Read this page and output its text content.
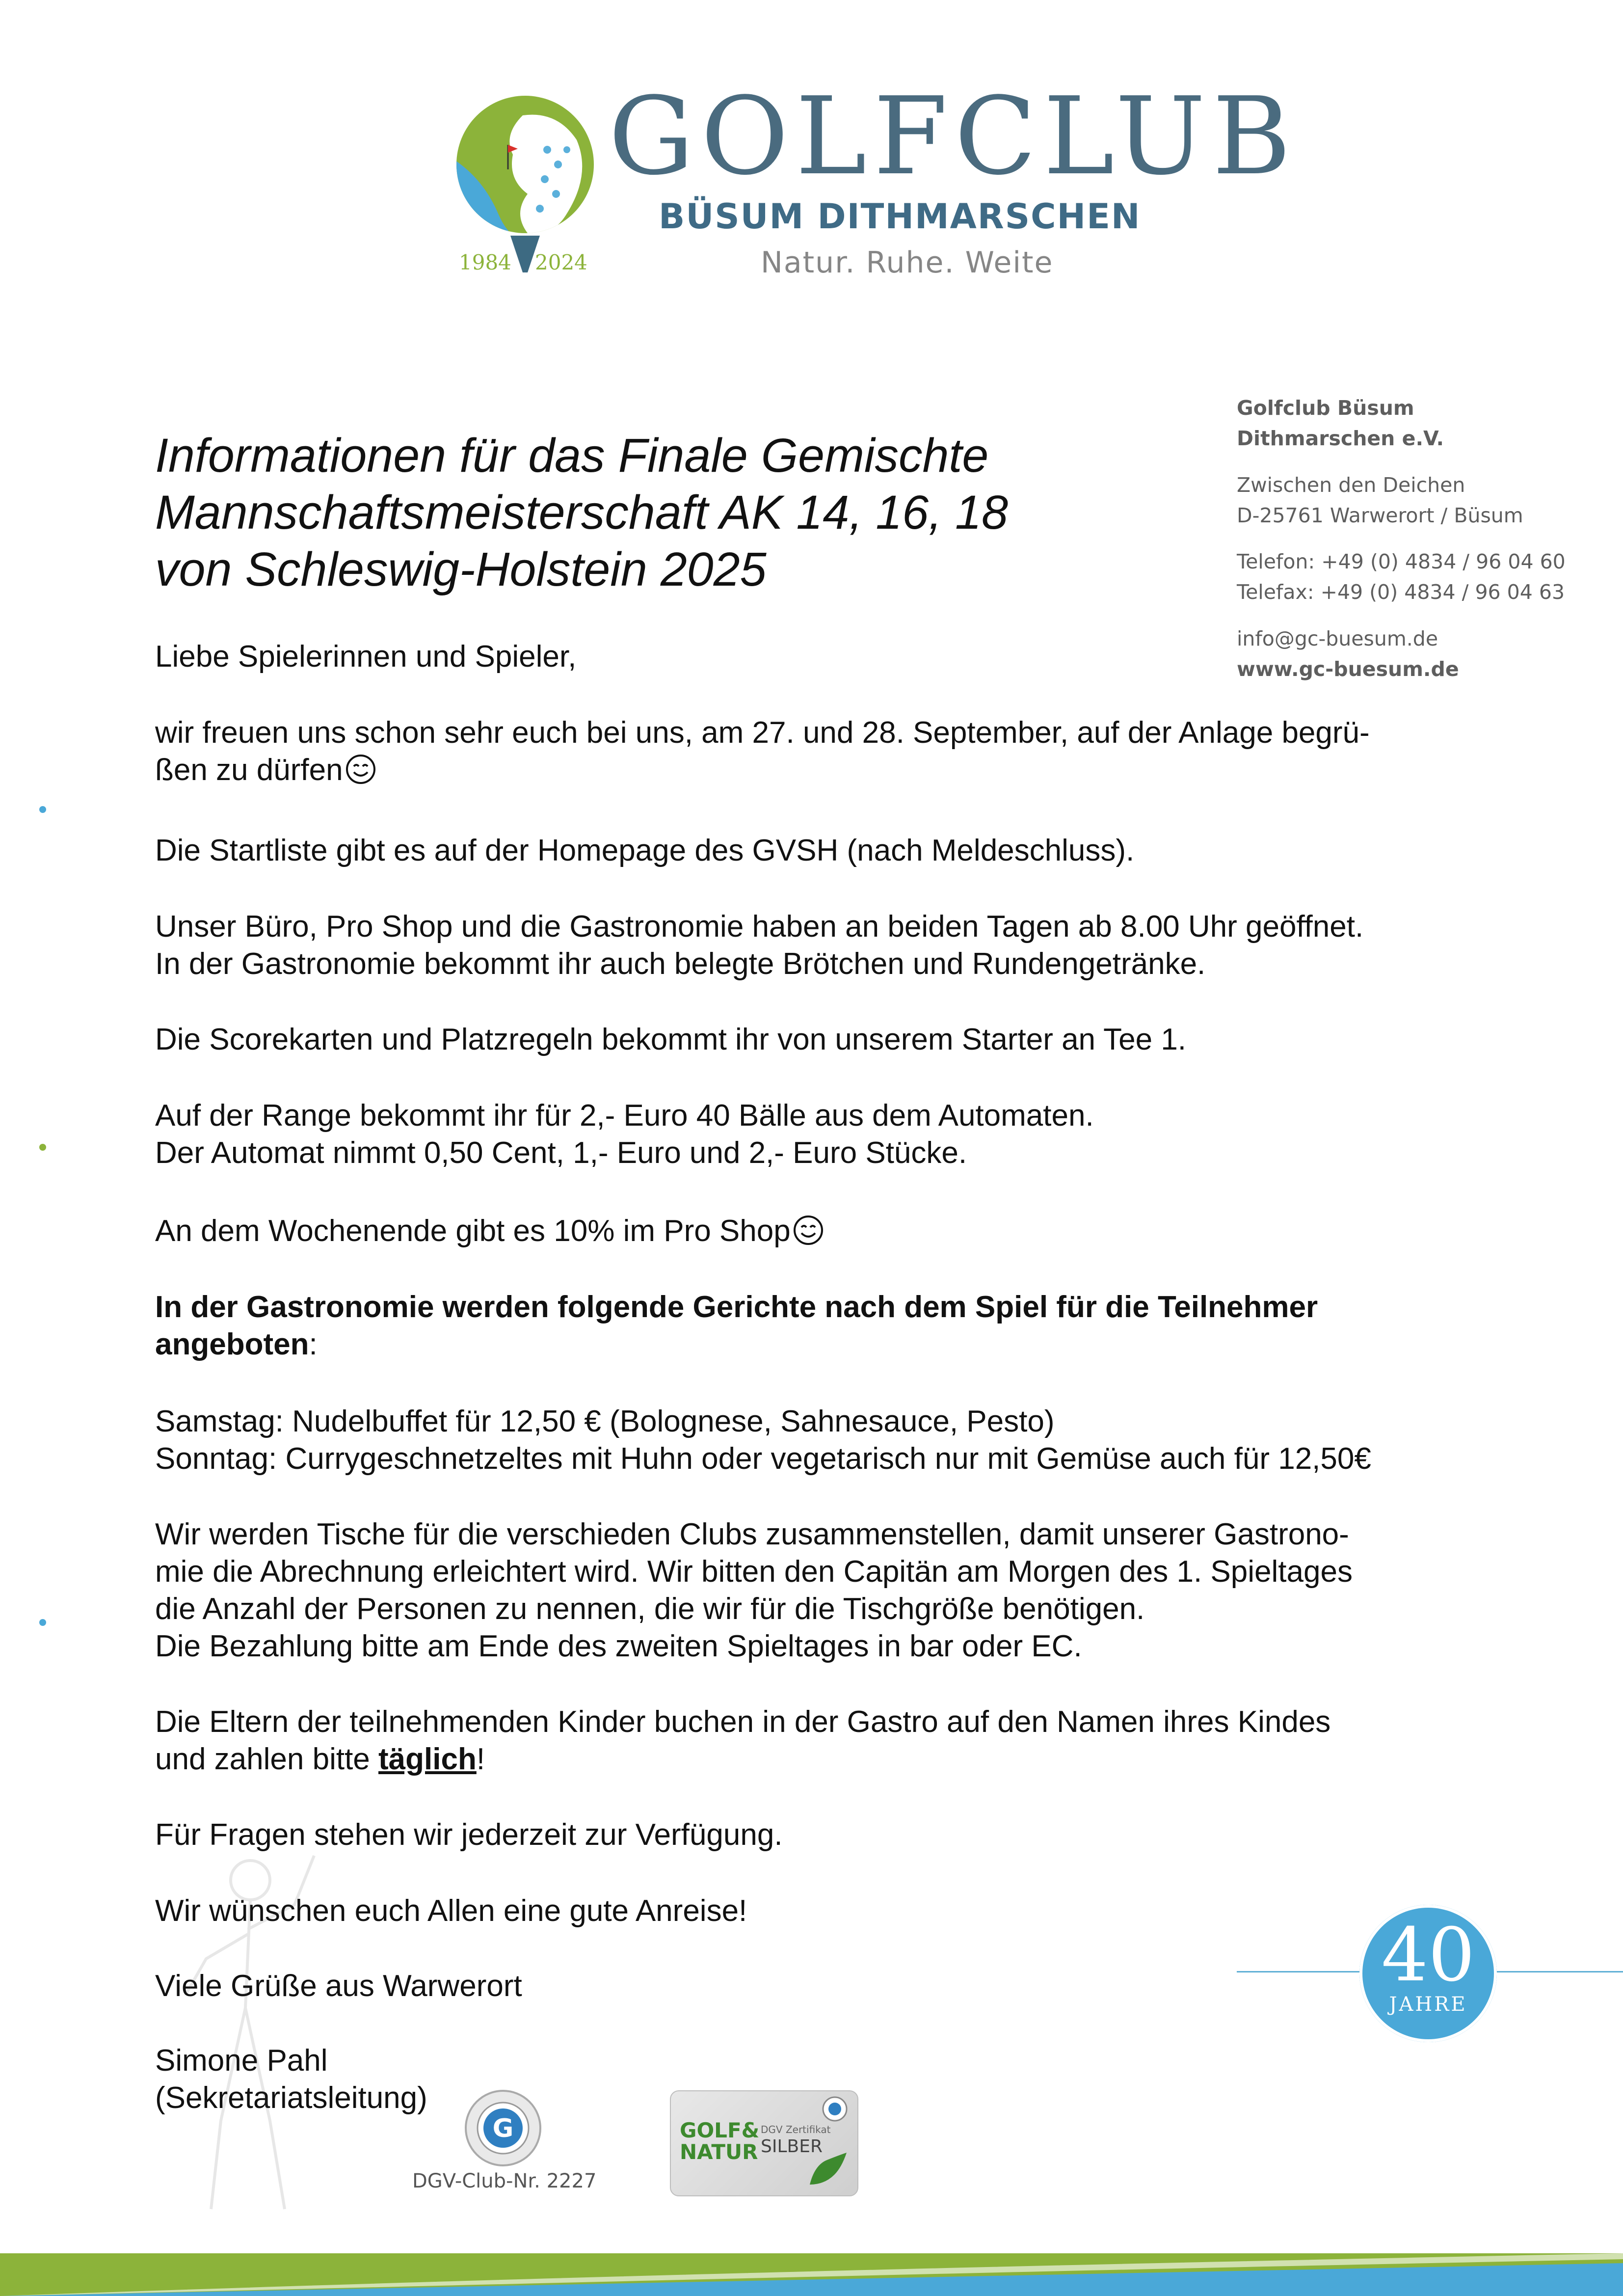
1984 2024
GOLFCLUB
BÜSUM DITHMARSCHEN
Natur. Ruhe. Weite
Golfclub Büsum
Dithmarschen e.V.
Zwischen den Deichen
D-25761 Warwerort / Büsum
Telefon: +49 (0) 4834 / 96 04 60
Telefax: +49 (0) 4834 / 96 04 63
info@gc-buesum.de
www.gc-buesum.de
Informationen für das Finale Gemischte
Mannschaftsmeisterschaft AK 14, 16, 18
von Schleswig-Holstein 2025
Liebe Spielerinnen und Spieler,
wir freuen uns schon sehr euch bei uns, am 27. und 28. September, auf der Anlage begrü-
ßen zu dürfen
Die Startliste gibt es auf der Homepage des GVSH (nach Meldeschluss).
Unser Büro, Pro Shop und die Gastronomie haben an beiden Tagen ab 8.00 Uhr geöffnet.
In der Gastronomie bekommt ihr auch belegte Brötchen und Rundengetränke.
Die Scorekarten und Platzregeln bekommt ihr von unserem Starter an Tee 1.
Auf der Range bekommt ihr für 2,- Euro 40 Bälle aus dem Automaten.
Der Automat nimmt 0,50 Cent, 1,- Euro und 2,- Euro Stücke.
An dem Wochenende gibt es 10% im Pro Shop
In der Gastronomie werden folgende Gerichte nach dem Spiel für die Teilnehmer
angeboten:
Samstag: Nudelbuffet für 12,50 € (Bolognese, Sahnesauce, Pesto)
Sonntag: Currygeschnetzeltes mit Huhn oder vegetarisch nur mit Gemüse auch für 12,50€
Wir werden Tische für die verschieden Clubs zusammenstellen, damit unserer Gastrono-
mie die Abrechnung erleichtert wird. Wir bitten den Capitän am Morgen des 1. Spieltages
die Anzahl der Personen zu nennen, die wir für die Tischgröße benötigen.
Die Bezahlung bitte am Ende des zweiten Spieltages in bar oder EC.
Die Eltern der teilnehmenden Kinder buchen in der Gastro auf den Namen ihres Kindes
und zahlen bitte täglich!
Für Fragen stehen wir jederzeit zur Verfügung.
Wir wünschen euch Allen eine gute Anreise!
Viele Grüße aus Warwerort
Simone Pahl
(Sekretariatsleitung)
G
DGV-Club-Nr. 2227
GOLF&
NATUR
DGV Zertifikat
SILBER
40
JAHRE
